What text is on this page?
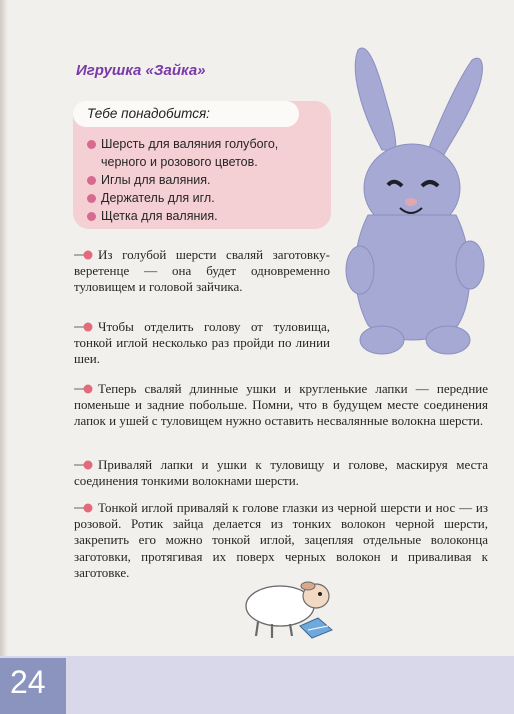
Игрушка «Зайка»

Тебе понадобится:

Шерсть для валяния голубого, черного и розового цветов.
Иглы для валяния.
Держатель для игл.
Щетка для валяния.

Из голубой шерсти сваляй заготовку-веретенце — она будет одновременно туловищем и головой зайчика.

Чтобы отделить голову от туловища, тонкой иглой несколько раз пройди по линии шеи.

Теперь сваляй длинные ушки и кругленькие лапки — передние поменьше и задние побольше. Помни, что в будущем месте соединения лапок и ушей с туловищем нужно оставить несвалянные волокна шерсти.

Приваляй лапки и ушки к туловищу и голове, маскируя места соединения тонкими волокнами шерсти.

Тонкой иглой приваляй к голове глазки из черной шерсти и нос — из розовой. Ротик зайца делается из тонких волокон черной шерсти, закрепить его можно тонкой иглой, зацепляя отдельные волоконца заготовки, протягивая их поверх черных волокон и приваливая к заготовке.

24
